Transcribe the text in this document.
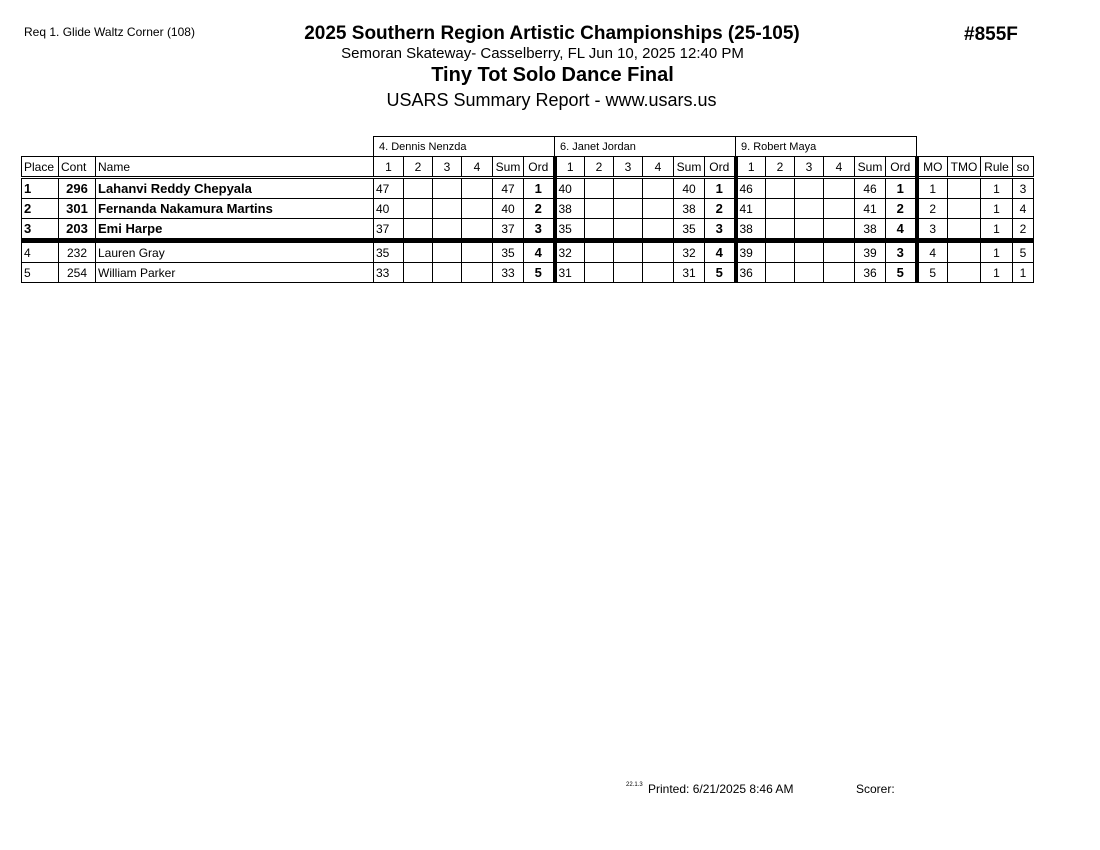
Req 1. Glide Waltz Corner (108)	2025 Southern Region Artistic Championships (25-105)
Semoran Skateway- Casselberry, FL Jun 10, 2025 12:40 PM
Tiny Tot Solo Dance Final
USARS Summary Report - www.usars.us
#855F
			4. Dennis Nenzda						6. Janet Jordan						9. Robert Maya									
Place	Cont	Name	1	2	3	4	Sum	Ord	1	2	3	4	Sum	Ord	1	2	3	4	Sum	Ord	MO	TMO	Rule	so
1	296	Lahanvi Reddy Chepyala	47				47	1	40				40	1	46				46	1	1		1	3
2	301	Fernanda Nakamura Martins	40				40	2	38				38	2	41				41	2	2		1	4
3	203	Emi Harpe	37				37	3	35				35	3	38				38	4	3		1	2
4	232	Lauren Gray	35				35	4	32				32	4	39				39	3	4		1	5
5	254	William Parker	33				33	5	31				31	5	36				36	5	5		1	1
22.1.3 Printed: 6/21/2025 8:46 AM	Scorer:
